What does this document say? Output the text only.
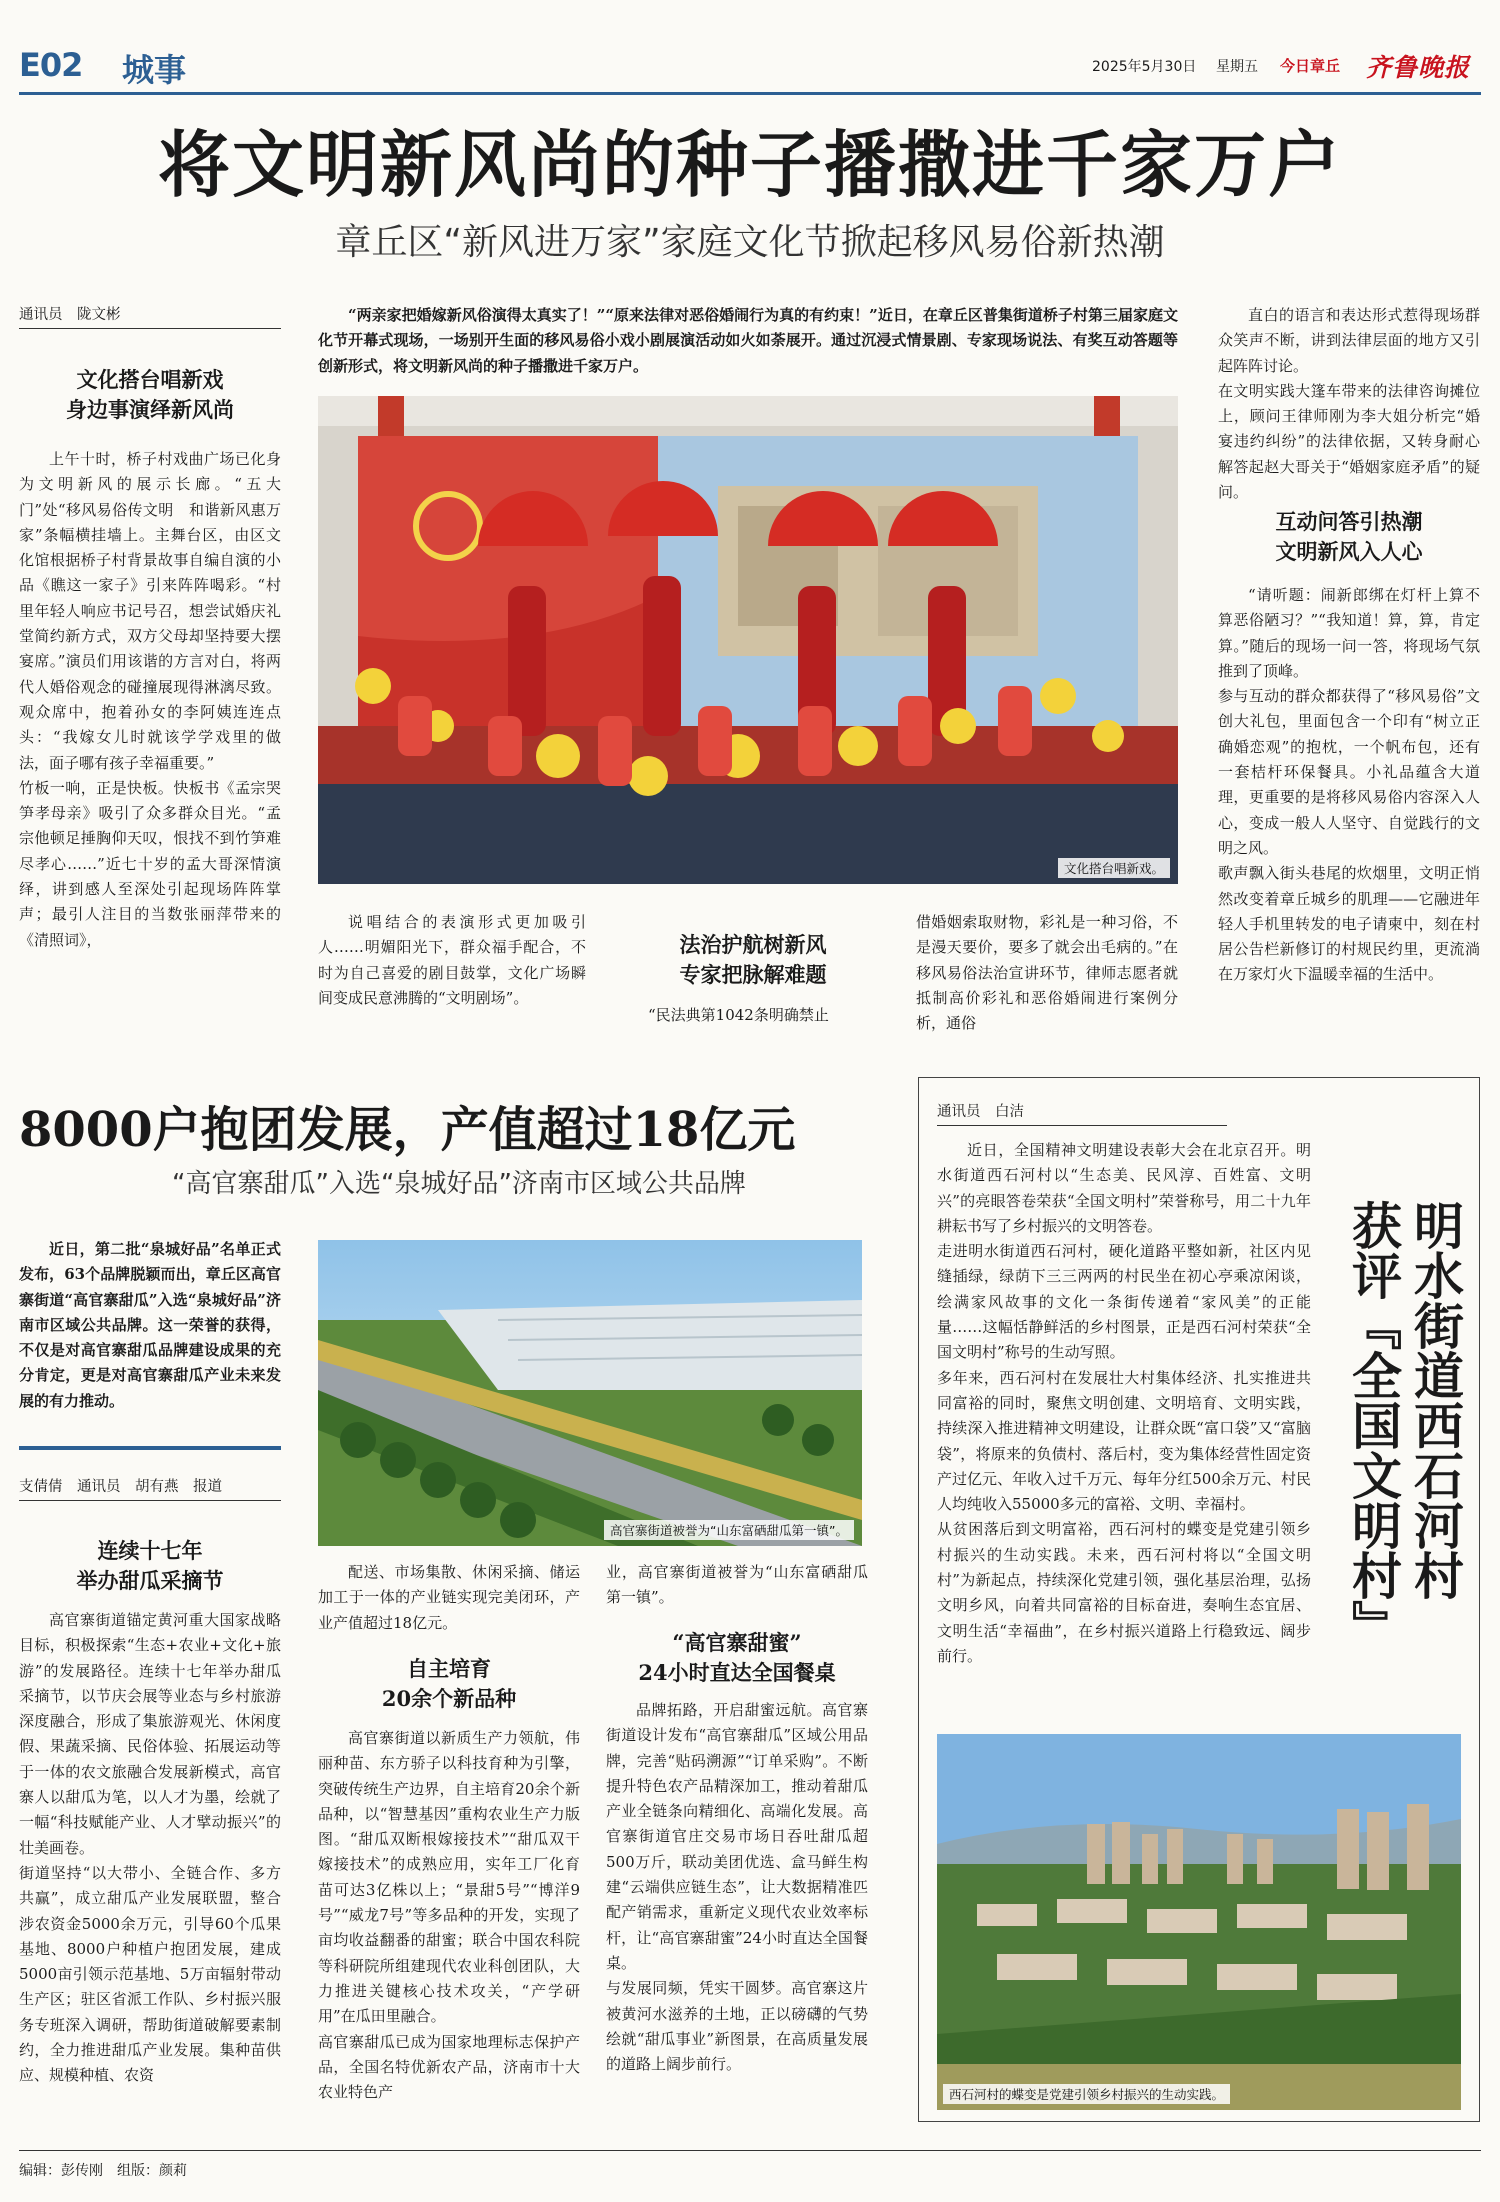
E02 城事	2025年5月30日 星期五 今日章丘 齐鲁晚报
将文明新风尚的种子播撒进千家万户
章丘区“新风进万家”家庭文化节掀起移风易俗新热潮
通讯员　陇文彬
文化搭台唱新戏
身边事演绎新风尚
上午十时，桥子村戏曲广场已化身为文明新风的展示长廊。“五大门”处“移风易俗传文明　和谐新风惠万家”条幅横挂墙上。主舞台区，由区文化馆根据桥子村背景故事自编自演的小品《瞧这一家子》引来阵阵喝彩。“村里年轻人响应书记号召，想尝试婚庆礼堂简约新方式，双方父母却坚持要大摆宴席。”演员们用该谐的方言对白，将两代人婚俗观念的碰撞展现得淋漓尽致。观众席中，抱着孙女的李阿姨连连点头：“我嫁女儿时就该学学戏里的做法，面子哪有孩子幸福重要。”
竹板一响，正是快板。快板书《孟宗哭笋孝母亲》吸引了众多群众目光。“孟宗他顿足捶胸仰天叹，恨找不到竹笋难尽孝心……”近七十岁的孟大哥深情演绎，讲到感人至深处引起现场阵阵掌声；最引人注目的当数张丽萍带来的《清照词》，
“两亲家把婚嫁新风俗演得太真实了！”“原来法律对恶俗婚闹行为真的有约束！”近日，在章丘区普集街道桥子村第三届家庭文化节开幕式现场，一场别开生面的移风易俗小戏小剧展演活动如火如荼展开。通过沉浸式情景剧、专家现场说法、有奖互动答题等创新形式，将文明新风尚的种子播撒进千家万户。
文化搭台唱新戏。
说唱结合的表演形式更加吸引人……明媚阳光下，群众福手配合，不时为自己喜爱的剧目鼓掌，文化广场瞬间变成民意沸腾的“文明剧场”。
法治护航树新风
专家把脉解难题
“民法典第1042条明确禁止
借婚姻索取财物，彩礼是一种习俗，不是漫天要价，要多了就会出毛病的。”在移风易俗法治宣讲环节，律师志愿者就抵制高价彩礼和恶俗婚闹进行案例分析，通俗
直白的语言和表达形式惹得现场群众笑声不断，讲到法律层面的地方又引起阵阵讨论。
在文明实践大篷车带来的法律咨询摊位上，顾问王律师刚为李大姐分析完“婚宴违约纠纷”的法律依据，又转身耐心解答起赵大哥关于“婚姻家庭矛盾”的疑问。
互动问答引热潮
文明新风入人心
“请听题：闹新郎绑在灯杆上算不算恶俗陋习？”“我知道！算，算，肯定算。”随后的现场一问一答，将现场气氛推到了顶峰。
参与互动的群众都获得了“移风易俗”文创大礼包，里面包含一个印有“树立正确婚恋观”的抱枕，一个帆布包，还有一套桔杆环保餐具。小礼品蕴含大道理，更重要的是将移风易俗内容深入人心，变成一般人人坚守、自觉践行的文明之风。
歌声飘入街头巷尾的炊烟里，文明正悄然改变着章丘城乡的肌理——它融进年轻人手机里转发的电子请柬中，刻在村居公告栏新修订的村规民约里，更流淌在万家灯火下温暖幸福的生活中。
8000户抱团发展，产值超过18亿元
“高官寨甜瓜”入选“泉城好品”济南市区域公共品牌
近日，第二批“泉城好品”名单正式发布，63个品牌脱颖而出，章丘区高官寨街道“高官寨甜瓜”入选“泉城好品”济南市区域公共品牌。这一荣誉的获得，不仅是对高官寨甜瓜品牌建设成果的充分肯定，更是对高官寨甜瓜产业未来发展的有力推动。
支倩倩　通讯员　胡有燕　报道
连续十七年
举办甜瓜采摘节
高官寨街道锚定黄河重大国家战略目标，积极探索“生态+农业+文化+旅游”的发展路径。连续十七年举办甜瓜采摘节，以节庆会展等业态与乡村旅游深度融合，形成了集旅游观光、休闲度假、果蔬采摘、民俗体验、拓展运动等于一体的农文旅融合发展新模式，高官寨人以甜瓜为笔，以人才为墨，绘就了一幅“科技赋能产业、人才擘动振兴”的壮美画卷。
街道坚持“以大带小、全链合作、多方共赢”，成立甜瓜产业发展联盟，整合涉农资金5000余万元，引导60个瓜果基地、8000户种植户抱团发展，建成5000亩引领示范基地、5万亩辐射带动生产区；驻区省派工作队、乡村振兴服务专班深入调研，帮助街道破解要素制约，全力推进甜瓜产业发展。集种苗供应、规模种植、农资
高官寨街道被誉为“山东富硒甜瓜第一镇”。
配送、市场集散、休闲采摘、储运加工于一体的产业链实现完美闭环，产业产值超过18亿元。
自主培育
20余个新品种
高官寨街道以新质生产力领航，伟丽种苗、东方骄子以科技育种为引擎，突破传统生产边界，自主培育20余个新品种，以“智慧基因”重构农业生产力版图。“甜瓜双断根嫁接技术”“甜瓜双干嫁接技术”的成熟应用，实年工厂化育苗可达3亿株以上；“景甜5号”“博洋9号”“威龙7号”等多品种的开发，实现了亩均收益翻番的甜蜜；联合中国农科院等科研院所组建现代农业科创团队，大力推进关键核心技术攻关，“产学研用”在瓜田里融合。
高官寨甜瓜已成为国家地理标志保护产品，全国名特优新农产品，济南市十大农业特色产
业，高官寨街道被誉为“山东富硒甜瓜第一镇”。
“高官寨甜蜜”
24小时直达全国餐桌
品牌拓路，开启甜蜜远航。高官寨街道设计发布“高官寨甜瓜”区域公用品牌，完善“贴码溯源”“订单采购”。不断提升特色农产品精深加工，推动着甜瓜产业全链条向精细化、高端化发展。高官寨街道官庄交易市场日吞吐甜瓜超500万斤，联动美团优选、盒马鲜生构建“云端供应链生态”，让大数据精准匹配产销需求，重新定义现代农业效率标杆，让“高官寨甜蜜”24小时直达全国餐桌。
与发展同频，凭实干圆梦。高官寨这片被黄河水滋养的土地，正以磅礴的气势绘就“甜瓜事业”新图景，在高质量发展的道路上阔步前行。
通讯员　白洁
明水街道西石河村
获评『全国文明村』
近日，全国精神文明建设表彰大会在北京召开。明水街道西石河村以“生态美、民风淳、百姓富、文明兴”的亮眼答卷荣获“全国文明村”荣誉称号，用二十九年耕耘书写了乡村振兴的文明答卷。
走进明水街道西石河村，硬化道路平整如新，社区内见缝插绿，绿荫下三三两两的村民坐在初心亭乘凉闲谈，绘满家风故事的文化一条街传递着“家风美”的正能量……这幅恬静鲜活的乡村图景，正是西石河村荣获“全国文明村”称号的生动写照。
多年来，西石河村在发展壮大村集体经济、扎实推进共同富裕的同时，聚焦文明创建、文明培育、文明实践，持续深入推进精神文明建设，让群众既“富口袋”又“富脑袋”，将原来的负债村、落后村，变为集体经营性固定资产过亿元、年收入过千万元、每年分红500余万元、村民人均纯收入55000多元的富裕、文明、幸福村。
从贫困落后到文明富裕，西石河村的蝶变是党建引领乡村振兴的生动实践。未来，西石河村将以“全国文明村”为新起点，持续深化党建引领，强化基层治理，弘扬文明乡风，向着共同富裕的目标奋进，奏响生态宜居、文明生活“幸福曲”，在乡村振兴道路上行稳致远、阔步前行。
西石河村的蝶变是党建引领乡村振兴的生动实践。
编辑：彭传刚　组版：颜莉
